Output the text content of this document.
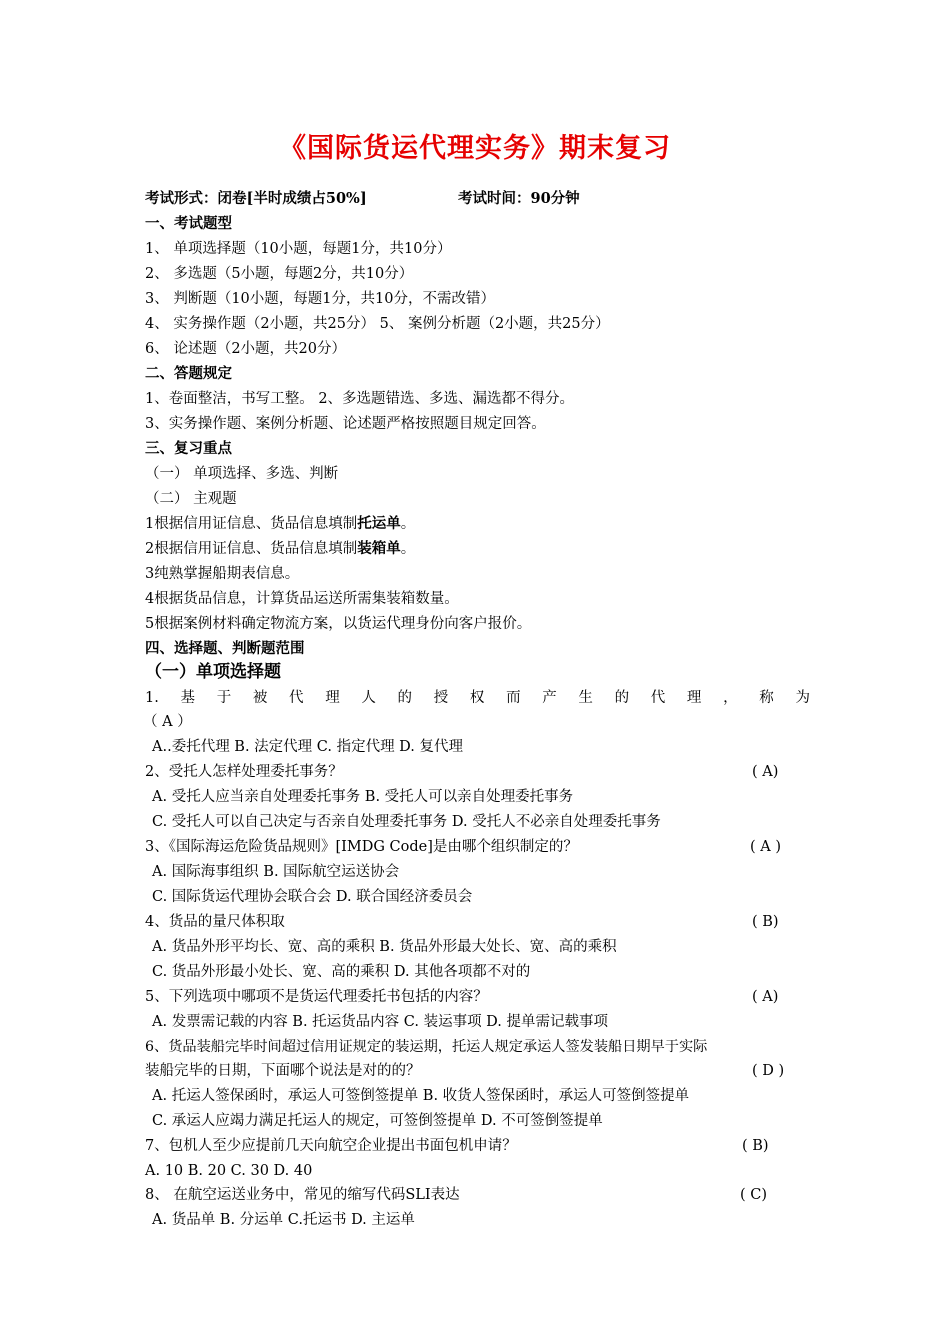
《国际货运代理实务》期末复习
考试形式：闭卷[半时成绩占50%]	考试时间：90分钟
一、考试题型
1、 单项选择题（10小题，每题1分，共10分）
2、 多选题（5小题，每题2分，共10分）
3、 判断题（10小题，每题1分，共10分，不需改错）
4、 实务操作题（2小题，共25分） 5、 案例分析题（2小题，共25分）
6、 论述题（2小题，共20分）
二、答题规定
1、卷面整洁，书写工整。 2、多选题错选、多选、漏选都不得分。
3、实务操作题、案例分析题、论述题严格按照题目规定回答。
三、复习重点
（一） 单项选择、多选、判断
（二） 主观题
1根据信用证信息、货品信息填制托运单。
2根据信用证信息、货品信息填制装箱单。
3纯熟掌握船期表信息。
4根据货品信息，计算货品运送所需集装箱数量。
5根据案例材料确定物流方案，以货运代理身份向客户报价。
四、选择题、判断题范围
（一）单项选择题
1. 基 于 被 代 理 人 的 授 权 而 产 生 的 代 理 ， 称 为
（ A ）
A..委托代理 B. 法定代理 C. 指定代理 D. 复代理
2、受托人怎样处理委托事务？	( A)
A. 受托人应当亲自处理委托事务 B. 受托人可以亲自处理委托事务
C. 受托人可以自己决定与否亲自处理委托事务 D. 受托人不必亲自处理委托事务
3、《国际海运危险货品规则》[IMDG Code]是由哪个组织制定的？	( A )
A. 国际海事组织 B. 国际航空运送协会
C. 国际货运代理协会联合会 D. 联合国经济委员会
4、货品的量尺体积取	( B)
A. 货品外形平均长、宽、高的乘积 B. 货品外形最大处长、宽、高的乘积
C. 货品外形最小处长、宽、高的乘积 D. 其他各项都不对的
5、下列选项中哪项不是货运代理委托书包括的内容？	( A)
A. 发票需记载的内容 B. 托运货品内容 C. 装运事项 D. 提单需记载事项
6、货品装船完毕时间超过信用证规定的装运期，托运人规定承运人签发装船日期早于实际
装船完毕的日期，下面哪个说法是对的的？	( D )
A. 托运人签保函时，承运人可签倒签提单 B. 收货人签保函时，承运人可签倒签提单
C. 承运人应竭力满足托运人的规定，可签倒签提单 D. 不可签倒签提单
7、包机人至少应提前几天向航空企业提出书面包机申请？	( B)
A. 10 B. 20 C. 30 D. 40
8、 在航空运送业务中，常见的缩写代码SLI表达	( C)
A. 货品单 B. 分运单 C.托运书 D. 主运单
